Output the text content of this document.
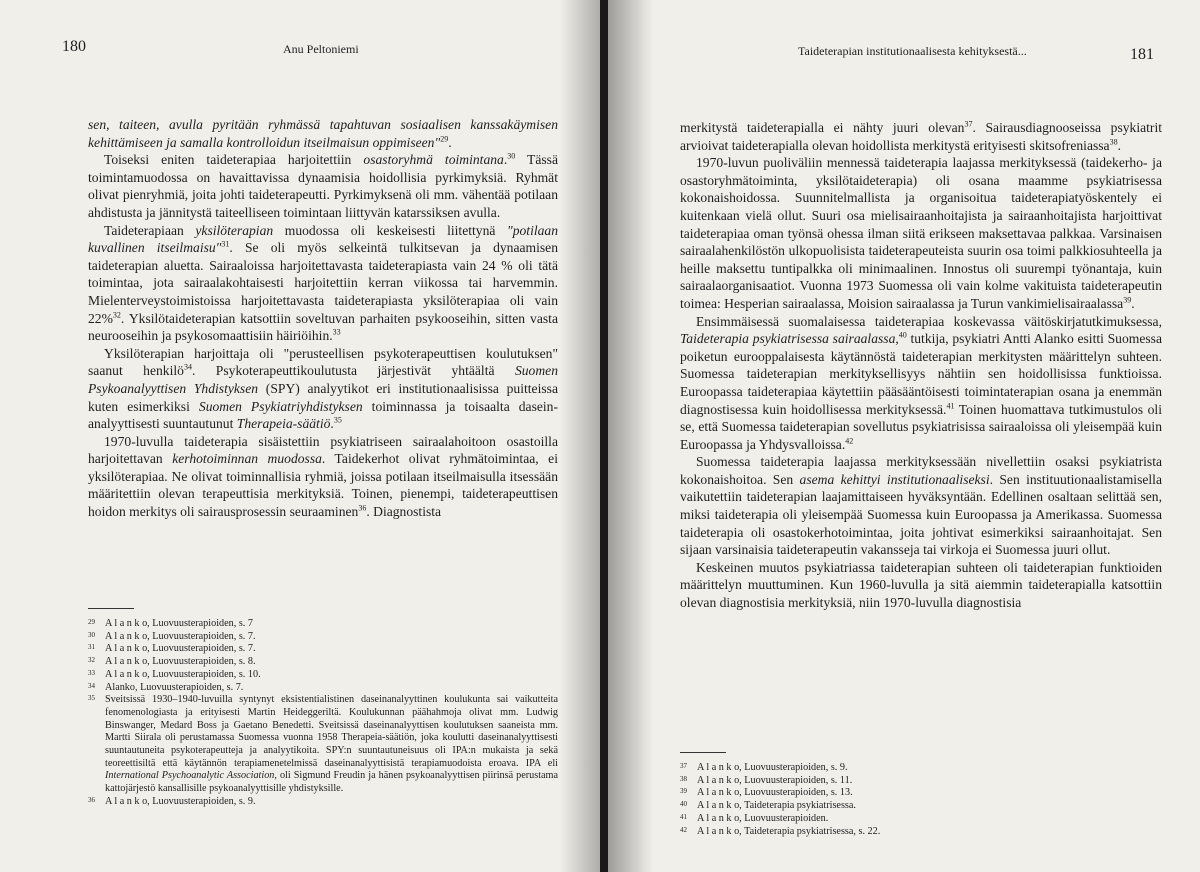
180	Anu Peltoniemi

sen, taiteen, avulla pyritään ryhmässä tapahtuvan sosiaalisen kanssakäymisen kehittämiseen ja samalla kontrolloidun itseilmaisun oppimiseen"$^{29}$.

Toiseksi eniten taideterapiaa harjoitettiin osastoryhmä toimintana.$^{30}$ Tässä toimintamuodossa on havaittavissa dynaamisia hoidollisia pyrkimyksiä. Ryhmät olivat pienryhmiä, joita johti taideterapeutti. Pyrkimyksenä oli mm. vähentää potilaan ahdistusta ja jännitystä taiteelliseen toimintaan liittyvän katarssiksen avulla.

Taideterapiaan yksilöterapian muodossa oli keskeisesti liitettynä "potilaan kuvallinen itseilmaisu"$^{31}$. Se oli myös selkeintä tulkitsevan ja dynaamisen taideterapian aluetta. Sairaaloissa harjoitettavasta taideterapiasta vain 24 % oli tätä toimintaa, jota sairaalakohtaisesti harjoitettiin kerran viikossa tai harvemmin. Mielenterveystoimistoissa harjoitettavasta taideterapiasta yksilöterapiaa oli vain 22%$^{32}$. Yksilötaideterapian katsottiin soveltuvan parhaiten psykooseihin, sitten vasta neurooseihin ja psykosomaattisiin häiriöihin.$^{33}$

Yksilöterapian harjoittaja oli "perusteellisen psykoterapeuttisen koulutuksen" saanut henkilö$^{34}$. Psykoterapeuttikoulutusta järjestivät yhtäältä Suomen Psykoanalyyttisen Yhdistyksen (SPY) analyytikot eri institutionaalisissa puitteissa kuten esimerkiksi Suomen Psykiatriyhdistyksen toiminnassa ja toisaalta dasein-analyyttisesti suuntautunut Therapeia-säätiö.$^{35}$

1970-luvulla taideterapia sisäistettiin psykiatriseen sairaalahoitoon osastoilla harjoitettavan kerhotoiminnan muodossa. Taidekerhot olivat ryhmätoimintaa, ei yksilöterapiaa. Ne olivat toiminnallisia ryhmiä, joissa potilaan itseilmaisulla itsessään määritettiin olevan terapeuttisia merkityksiä. Toinen, pienempi, taideterapeuttisen hoidon merkitys oli sairausprosessin seuraaminen$^{36}$. Diagnostista

29 A l a n k o, Luovuusterapioiden, s. 7
30 A l a n k o, Luovuusterapioiden, s. 7.
31 A l a n k o, Luovuusterapioiden, s. 7.
32 A l a n k o, Luovuusterapioiden, s. 8.
33 A l a n k o, Luovuusterapioiden, s. 10.
34 Alanko, Luovuusterapioiden, s. 7.
35 Sveitsissä 1930–1940-luvuilla syntynyt eksistentialistinen daseinanalyyttinen koulukunta sai vaikutteita fenomenologiasta ja erityisesti Martin Heideggeriltä. Koulukunnan päähahmoja olivat mm. Ludwig Binswanger, Medard Boss ja Gaetano Benedetti. Sveitsissä daseinanalyyttisen koulutuksen saaneista mm. Martti Siirala oli perustamassa Suomessa vuonna 1958 Therapeia-säätiön, joka koulutti daseinanalyyttisesti suuntautuneita psykoterapeutteja ja analyytikoita. SPY:n suuntautuneisuus oli IPA:n mukaista ja sekä teoreettisiltä että käytännön terapiamenetelmissä daseinanalyyttisistä terapiamuodoista eroava. IPA eli International Psychoanalytic Association, oli Sigmund Freudin ja hänen psykoanalyyttisen piirinsä perustama kattojärjestö kansallisille psykoanalyyttisille yhdistyksille.
36 A l a n k o, Luovuusterapioiden, s. 9.
Taideterapian institutionaalisesta kehityksestä...	181

merkitystä taideterapialla ei nähty juuri olevan$^{37}$. Sairausdiagnooseissa psykiatrit arvioivat taideterapialla olevan hoidollista merkitystä erityisesti skitsofreniassa$^{38}$.

1970-luvun puoliväliin mennessä taideterapia laajassa merkityksessä (taidekerho- ja osastoryhmätoiminta, yksilötaideterapia) oli osana maamme psykiatrisessa kokonaishoidossa. Suunnitelmallista ja organisoitua taideterapiatyöskentely ei kuitenkaan vielä ollut. Suuri osa mielisairaanhoitajista ja sairaanhoitajista harjoittivat taideterapiaa oman työnsä ohessa ilman siitä erikseen maksettavaa palkkaa. Varsinaisen sairaalahenkilöstön ulkopuolisista taideterapeuteista suurin osa toimi palkkiosuhteella ja heille maksettu tuntipalkka oli minimaalinen. Innostus oli suurempi työnantaja, kuin sairaalaorganisaatiot. Vuonna 1973 Suomessa oli vain kolme vakituista taideterapeutin toimea: Hesperian sairaalassa, Moision sairaalassa ja Turun vankimielisairaalassa$^{39}$.

Ensimmäisessä suomalaisessa taideterapiaa koskevassa väitöskirjatutkimuksessa, Taideterapia psykiatrisessa sairaalassa,$^{40}$ tutkija, psykiatri Antti Alanko esitti Suomessa poiketun eurooppalaisesta käytännöstä taideterapian merkitysten määrittelyn suhteen. Suomessa taideterapian merkityksellisyys nähtiin sen hoidollisissa funktioissa. Euroopassa taideterapiaa käytettiin pääsääntöisesti toimintaterapian osana ja enemmän diagnostisessa kuin hoidollisessa merkityksessä.$^{41}$ Toinen huomattava tutkimustulos oli se, että Suomessa taideterapian sovellutus psykiatrisissa sairaaloissa oli yleisempää kuin Euroopassa ja Yhdysvalloissa.$^{42}$

Suomessa taideterapia laajassa merkityksessään nivellettiin osaksi psykiatrista kokonaishoitoa. Sen asema kehittyi institutionaaliseksi. Sen instituutionaalistamisella vaikutettiin taideterapian laajamittaiseen hyväksyntään. Edellinen osaltaan selittää sen, miksi taideterapia oli yleisempää Suomessa kuin Euroopassa ja Amerikassa. Suomessa taideterapia oli osastokerhotoimintaa, joita johtivat esimerkiksi sairaanhoitajat. Sen sijaan varsinaisia taideterapeutin vakansseja tai virkoja ei Suomessa juuri ollut.

Keskeinen muutos psykiatriassa taideterapian suhteen oli taideterapian funktioiden määrittelyn muuttuminen. Kun 1960-luvulla ja sitä aiemmin taideterapialla katsottiin olevan diagnostisia merkityksiä, niin 1970-luvulla diagnostisia

37 A l a n k o, Luovuusterapioiden, s. 9.
38 A l a n k o, Luovuusterapioiden, s. 11.
39 A l a n k o, Luovuusterapioiden, s. 13.
40 A l a n k o, Taideterapia psykiatrisessa.
41 A l a n k o, Luovuusterapioiden.
42 A l a n k o, Taideterapia psykiatrisessa, s. 22.
